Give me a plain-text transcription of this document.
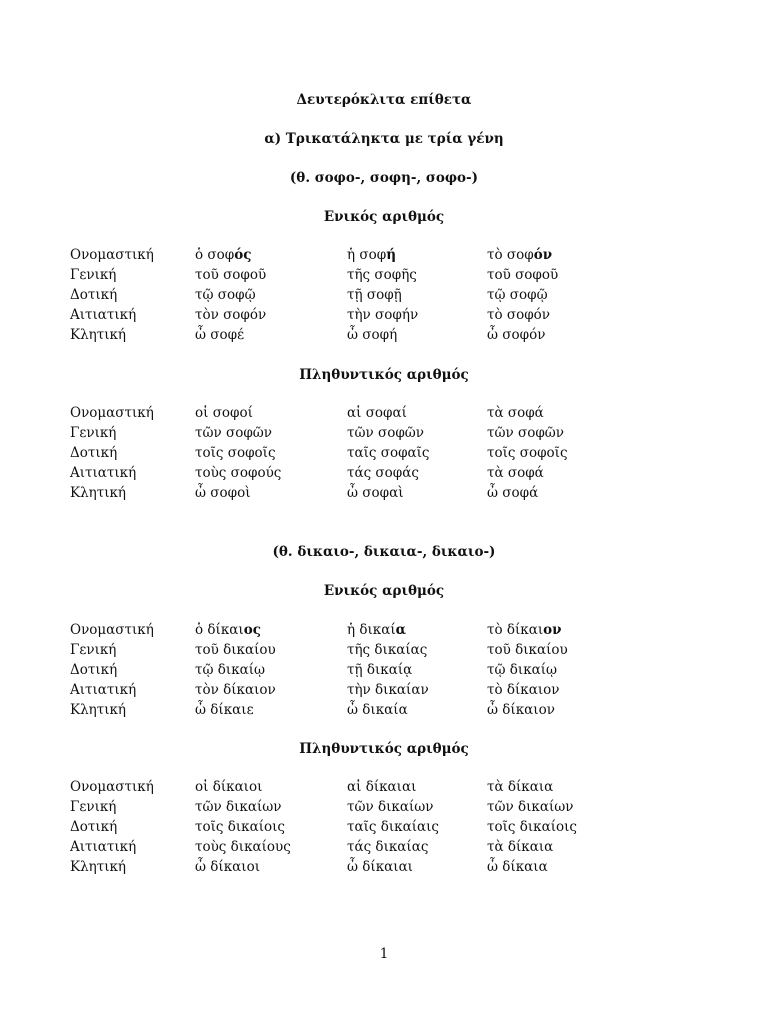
Δευτερόκλιτα επίθετα
α) Τρικατάληκτα με τρία γένη
(θ. σοφο-, σοφη-, σοφο-)
Ενικός αριθμός
Ονομαστική	ὁ σοφός	ἡ σοφή	τὸ σοφόν
Γενική	τοῦ σοφοῦ	τῆς σοφῆς	τοῦ σοφοῦ
Δοτική	τῷ σοφῷ	τῇ σοφῇ	τῷ σοφῷ
Αιτιατική	τὸν σοφόν	τὴν σοφήν	τὸ σοφόν
Κλητική	ὦ σοφέ	ὦ σοφή	ὦ σοφόν
Πληθυντικός αριθμός
Ονομαστική	οἱ σοφοί	αἱ σοφαί	τὰ σοφά
Γενική	τῶν σοφῶν	τῶν σοφῶν	τῶν σοφῶν
Δοτική	τοῖς σοφοῖς	ταῖς σοφαῖς	τοῖς σοφοῖς
Αιτιατική	τοὺς σοφούς	τάς σοφάς	τὰ σοφά
Κλητική	ὦ σοφοὶ	ὦ σοφαὶ	ὦ σοφά
(θ. δικαιο-, δικαια-, δικαιο-)
Ενικός αριθμός
Ονομαστική	ὁ δίκαιος	ἡ δικαία	τὸ δίκαιον
Γενική	τοῦ δικαίου	τῆς δικαίας	τοῦ δικαίου
Δοτική	τῷ δικαίῳ	τῇ δικαίᾳ	τῷ δικαίῳ
Αιτιατική	τὸν δίκαιον	τὴν δικαίαν	τὸ δίκαιον
Κλητική	ὦ δίκαιε	ὦ δικαία	ὦ δίκαιον
Πληθυντικός αριθμός
Ονομαστική	οἱ δίκαιοι	αἱ δίκαιαι	τὰ δίκαια
Γενική	τῶν δικαίων	τῶν δικαίων	τῶν δικαίων
Δοτική	τοῖς δικαίοις	ταῖς δικαίαις	τοῖς δικαίοις
Αιτιατική	τοὺς δικαίους	τάς δικαίας	τὰ δίκαια
Κλητική	ὦ δίκαιοι	ὦ δίκαιαι	ὦ δίκαια
1
